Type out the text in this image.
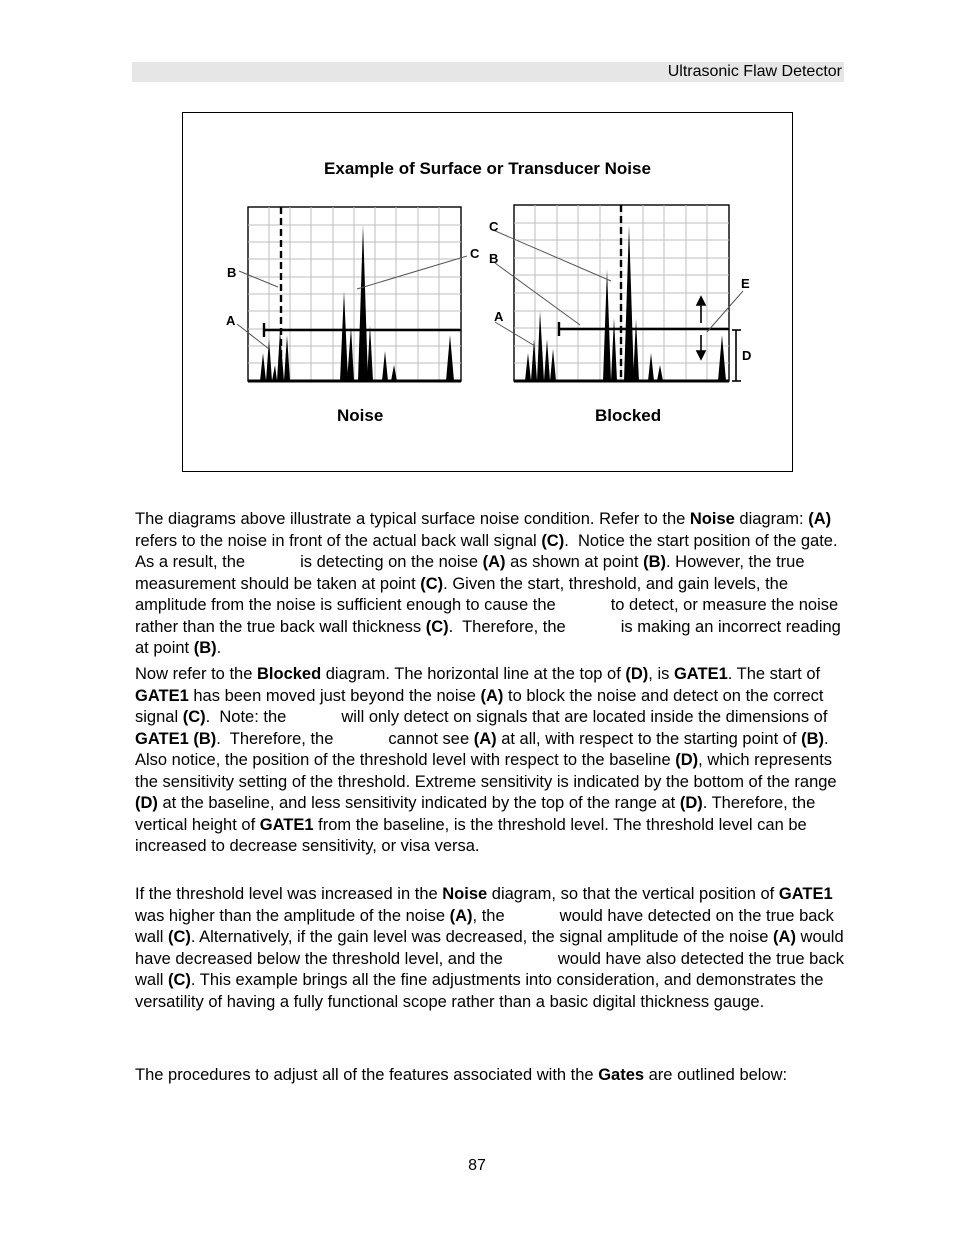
Ultrasonic Flaw Detector
Example of Surface or Transducer Noise
A
B
C
A
B
C
D
E
Noise	Blocked

The diagrams above illustrate a typical surface noise condition. Refer to the Noise diagram: (A) refers to the noise in front of the actual back wall signal (C).  Notice the start position of the gate.  As a result, the            is detecting on the noise (A) as shown at point (B). However, the true measurement should be taken at point (C). Given the start, threshold, and gain levels, the amplitude from the noise is sufficient enough to cause the            to detect, or measure the noise rather than the true back wall thickness (C).  Therefore, the            is making an incorrect reading at point (B).

Now refer to the Blocked diagram. The horizontal line at the top of (D), is GATE1. The start of GATE1 has been moved just beyond the noise (A) to block the noise and detect on the correct signal (C).  Note: the            will only detect on signals that are located inside the dimensions of GATE1 (B).  Therefore, the            cannot see (A) at all, with respect to the starting point of (B). Also notice, the position of the threshold level with respect to the baseline (D), which represents the sensitivity setting of the threshold. Extreme sensitivity is indicated by the bottom of the range (D) at the baseline, and less sensitivity indicated by the top of the range at (D). Therefore, the vertical height of GATE1 from the baseline, is the threshold level. The threshold level can be increased to decrease sensitivity, or visa versa.

If the threshold level was increased in the Noise diagram, so that the vertical position of GATE1 was higher than the amplitude of the noise (A), the            would have detected on the true back wall (C). Alternatively, if the gain level was decreased, the signal amplitude of the noise (A) would have decreased below the threshold level, and the            would have also detected the true back wall (C). This example brings all the fine adjustments into consideration, and demonstrates the versatility of having a fully functional scope rather than a basic digital thickness gauge.

The procedures to adjust all of the features associated with the Gates are outlined below:

87
